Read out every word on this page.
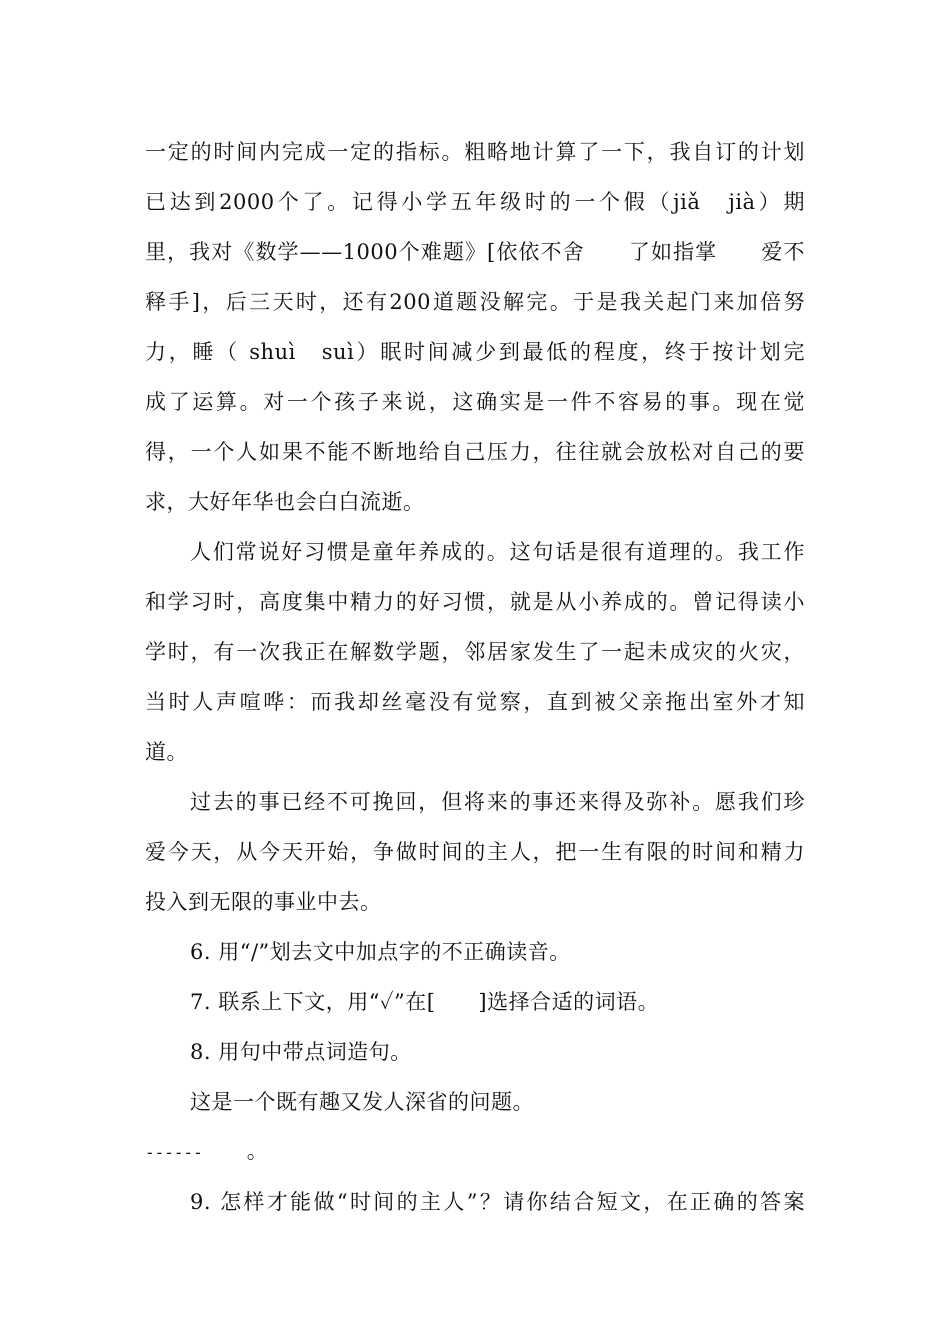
一定的时间内完成一定的指标。粗略地计算了一下，我自订的计划
已达到2000个了。记得小学五年级时的一个假（jiǎ　jià）期
里，我对《数学——1000个难题》[依依不舍　　了如指掌　　爱不
释手]，后三天时，还有200道题没解完。于是我关起门来加倍努
力，睡（ shuì　suì）眠时间减少到最低的程度，终于按计划完
成了运算。对一个孩子来说，这确实是一件不容易的事。现在觉
得，一个人如果不能不断地给自己压力，往往就会放松对自己的要
求，大好年华也会白白流逝。
人们常说好习惯是童年养成的。这句话是很有道理的。我工作
和学习时，高度集中精力的好习惯，就是从小养成的。曾记得读小
学时，有一次我正在解数学题，邻居家发生了一起未成灾的火灾，
当时人声喧哗：而我却丝毫没有觉察，直到被父亲拖出室外才知
道。
过去的事已经不可挽回，但将来的事还来得及弥补。愿我们珍
爱今天，从今天开始，争做时间的主人，把一生有限的时间和精力
投入到无限的事业中去。
6. 用“/”划去文中加点字的不正确读音。
7. 联系上下文，用“✓”在[　　]选择合适的词语。
8. 用句中带点词造句。
这是一个既有趣又发人深省的问题。
------ 。
9. 怎样才能做“时间的主人”？请你结合短文，在正确的答案
